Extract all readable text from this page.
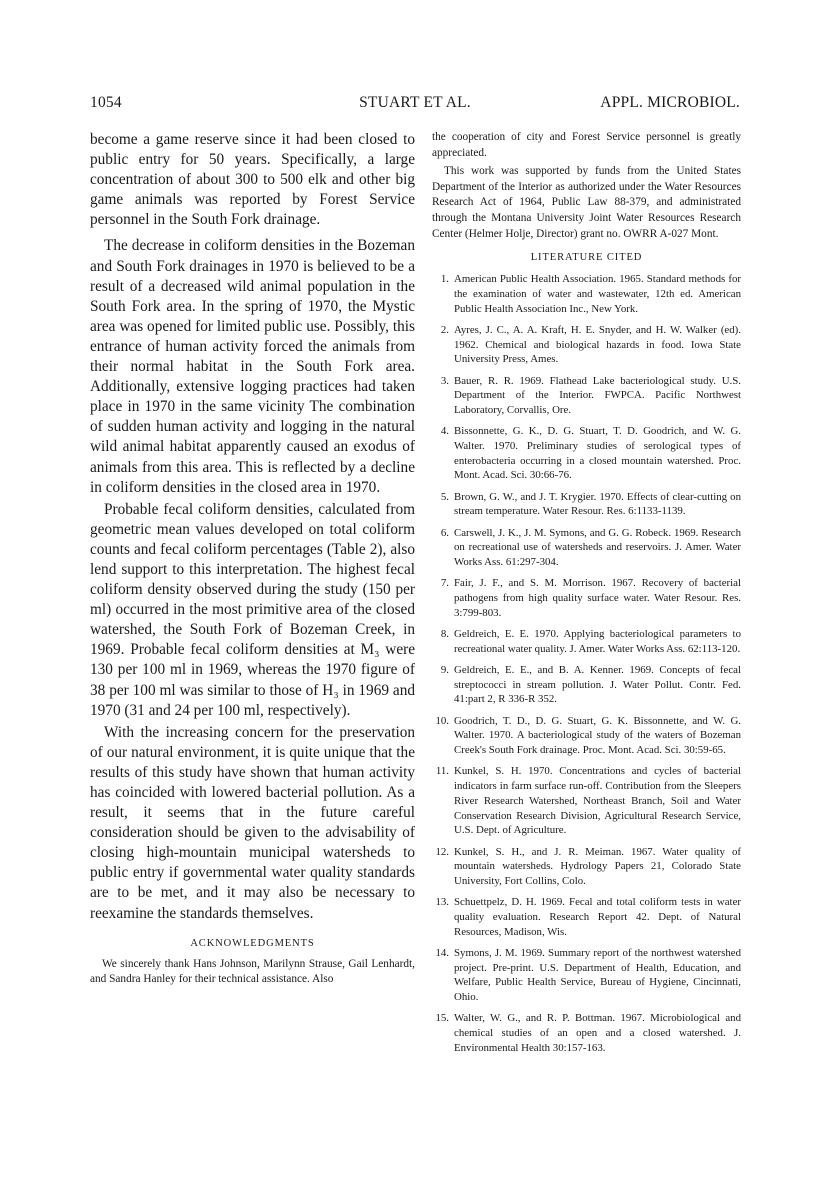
1054	STUART ET AL.	APPL. MICROBIOL.

become a game reserve since it had been closed to public entry for 50 years. Specifically, a large concentration of about 300 to 500 elk and other big game animals was reported by Forest Service personnel in the South Fork drainage.

The decrease in coliform densities in the Bozeman and South Fork drainages in 1970 is believed to be a result of a decreased wild animal population in the South Fork area. In the spring of 1970, the Mystic area was opened for limited public use. Possibly, this entrance of human activity forced the animals from their normal habitat in the South Fork area. Additionally, extensive logging practices had taken place in 1970 in the same vicinity The combination of sudden human activity and logging in the natural wild animal habitat apparently caused an exodus of animals from this area. This is reflected by a decline in coliform densities in the closed area in 1970.

Probable fecal coliform densities, calculated from geometric mean values developed on total coliform counts and fecal coliform percentages (Table 2), also lend support to this interpretation. The highest fecal coliform density observed during the study (150 per ml) occurred in the most primitive area of the closed watershed, the South Fork of Bozeman Creek, in 1969. Probable fecal coliform densities at M₃ were 130 per 100 ml in 1969, whereas the 1970 figure of 38 per 100 ml was similar to those of H₃ in 1969 and 1970 (31 and 24 per 100 ml, respectively).

With the increasing concern for the preservation of our natural environment, it is quite unique that the results of this study have shown that human activity has coincided with lowered bacterial pollution. As a result, it seems that in the future careful consideration should be given to the advisability of closing high-mountain municipal watersheds to public entry if governmental water quality standards are to be met, and it may also be necessary to reexamine the standards themselves.

ACKNOWLEDGMENTS

We sincerely thank Hans Johnson, Marilynn Strause, Gail Lenhardt, and Sandra Hanley for their technical assistance. Also

the cooperation of city and Forest Service personnel is greatly appreciated.

This work was supported by funds from the United States Department of the Interior as authorized under the Water Resources Research Act of 1964, Public Law 88-379, and administrated through the Montana University Joint Water Resources Research Center (Helmer Holje, Director) grant no. OWRR A-027 Mont.

LITERATURE CITED
1. American Public Health Association. 1965. Standard methods for the examination of water and wastewater, 12th ed. American Public Health Association Inc., New York.
2. Ayres, J. C., A. A. Kraft, H. E. Snyder, and H. W. Walker (ed). 1962. Chemical and biological hazards in food. Iowa State University Press, Ames.
3. Bauer, R. R. 1969. Flathead Lake bacteriological study. U.S. Department of the Interior. FWPCA. Pacific Northwest Laboratory, Corvallis, Ore.
4. Bissonnette, G. K., D. G. Stuart, T. D. Goodrich, and W. G. Walter. 1970. Preliminary studies of serological types of enterobacteria occurring in a closed mountain watershed. Proc. Mont. Acad. Sci. 30:66-76.
5. Brown, G. W., and J. T. Krygier. 1970. Effects of clear-cutting on stream temperature. Water Resour. Res. 6:1133-1139.
6. Carswell, J. K., J. M. Symons, and G. G. Robeck. 1969. Research on recreational use of watersheds and reservoirs. J. Amer. Water Works Ass. 61:297-304.
7. Fair, J. F., and S. M. Morrison. 1967. Recovery of bacterial pathogens from high quality surface water. Water Resour. Res. 3:799-803.
8. Geldreich, E. E. 1970. Applying bacteriological parameters to recreational water quality. J. Amer. Water Works Ass. 62:113-120.
9. Geldreich, E. E., and B. A. Kenner. 1969. Concepts of fecal streptococci in stream pollution. J. Water Pollut. Contr. Fed. 41:part 2, R 336-R 352.
10. Goodrich, T. D., D. G. Stuart, G. K. Bissonnette, and W. G. Walter. 1970. A bacteriological study of the waters of Bozeman Creek's South Fork drainage. Proc. Mont. Acad. Sci. 30:59-65.
11. Kunkel, S. H. 1970. Concentrations and cycles of bacterial indicators in farm surface run-off. Contribution from the Sleepers River Research Watershed, Northeast Branch, Soil and Water Conservation Research Division, Agricultural Research Service, U.S. Dept. of Agriculture.
12. Kunkel, S. H., and J. R. Meiman. 1967. Water quality of mountain watersheds. Hydrology Papers 21, Colorado State University, Fort Collins, Colo.
13. Schuettpelz, D. H. 1969. Fecal and total coliform tests in water quality evaluation. Research Report 42. Dept. of Natural Resources, Madison, Wis.
14. Symons, J. M. 1969. Summary report of the northwest watershed project. Pre-print. U.S. Department of Health, Education, and Welfare, Public Health Service, Bureau of Hygiene, Cincinnati, Ohio.
15. Walter, W. G., and R. P. Bottman. 1967. Microbiological and chemical studies of an open and a closed watershed. J. Environmental Health 30:157-163.
